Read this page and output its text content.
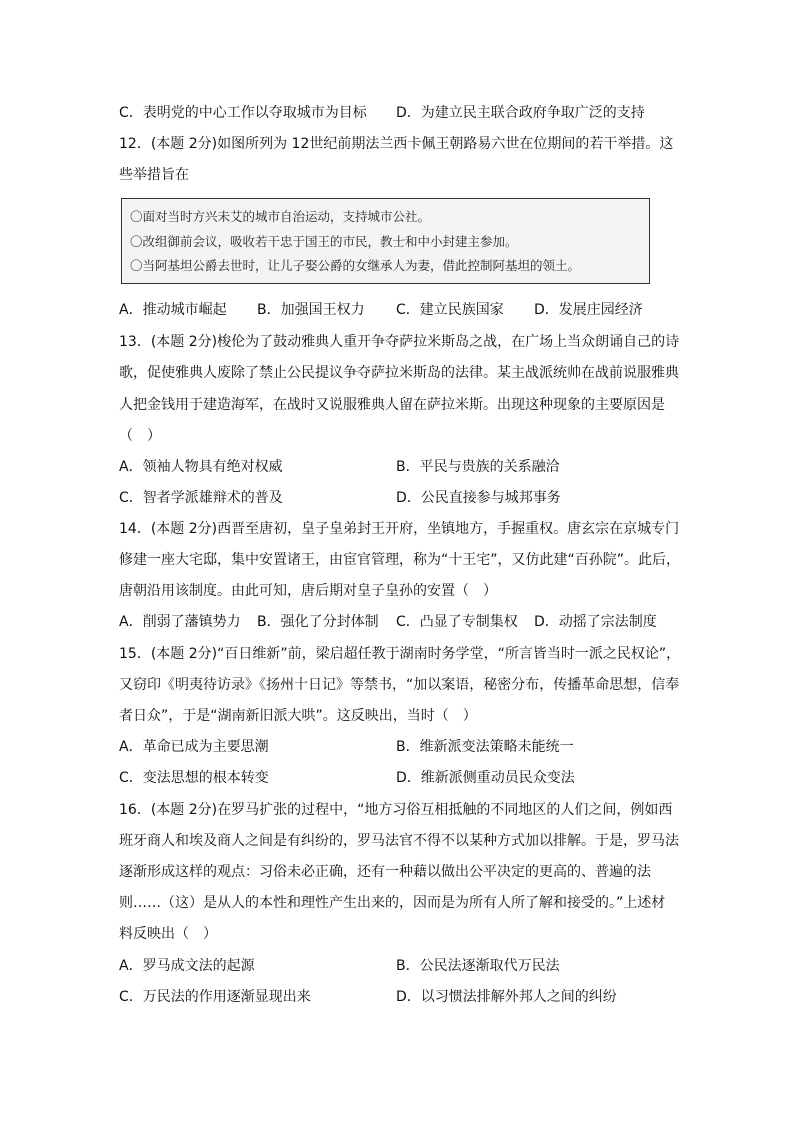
C．表明党的中心工作以夺取城市为目标 D．为建立民主联合政府争取广泛的支持
12．(本题 2分)如图所列为 12世纪前期法兰西卡佩王朝路易六世在位期间的若干举措。这
些举措旨在
〇面对当时方兴未艾的城市自治运动，支持城市公社。
〇改组御前会议，吸收若干忠于国王的市民，教士和中小封建主参加。
〇当阿基坦公爵去世时，让儿子娶公爵的女继承人为妻，借此控制阿基坦的领土。
A．推动城市崛起 B．加强国王权力 C．建立民族国家 D．发展庄园经济
13．(本题 2分)梭伦为了鼓动雅典人重开争夺萨拉米斯岛之战，在广场上当众朗诵自己的诗
歌，促使雅典人废除了禁止公民提议争夺萨拉米斯岛的法律。某主战派统帅在战前说服雅典
人把金钱用于建造海军，在战时又说服雅典人留在萨拉米斯。出现这种现象的主要原因是
（　）
A．领袖人物具有绝对权威	B．平民与贵族的关系融洽
C．智者学派雄辩术的普及	D．公民直接参与城邦事务
14．(本题 2分)西晋至唐初，皇子皇弟封王开府，坐镇地方，手握重权。唐玄宗在京城专门
修建一座大宅邸，集中安置诸王，由宦官管理，称为“十王宅”，又仿此建“百孙院”。此后，
唐朝沿用该制度。由此可知，唐后期对皇子皇孙的安置（　）
A．削弱了藩镇势力 B．强化了分封体制 C．凸显了专制集权 D．动摇了宗法制度
15．(本题 2分)“百日维新”前，梁启超任教于湖南时务学堂，“所言皆当时一派之民权论”，
又窃印《明夷待访录》《扬州十日记》等禁书，“加以案语，秘密分布，传播革命思想，信奉
者日众”，于是“湖南新旧派大哄”。这反映出，当时（　）
A．革命已成为主要思潮	B．维新派变法策略未能统一
C．变法思想的根本转变	D．维新派侧重动员民众变法
16．(本题 2分)在罗马扩张的过程中，“地方习俗互相抵触的不同地区的人们之间，例如西
班牙商人和埃及商人之间是有纠纷的，罗马法官不得不以某种方式加以排解。于是，罗马法
逐渐形成这样的观点：习俗未必正确，还有一种藉以做出公平决定的更高的、普遍的法
则……（这）是从人的本性和理性产生出来的，因而是为所有人所了解和接受的。”上述材
料反映出（　）
A．罗马成文法的起源	B．公民法逐渐取代万民法
C．万民法的作用逐渐显现出来	D．以习惯法排解外邦人之间的纠纷
